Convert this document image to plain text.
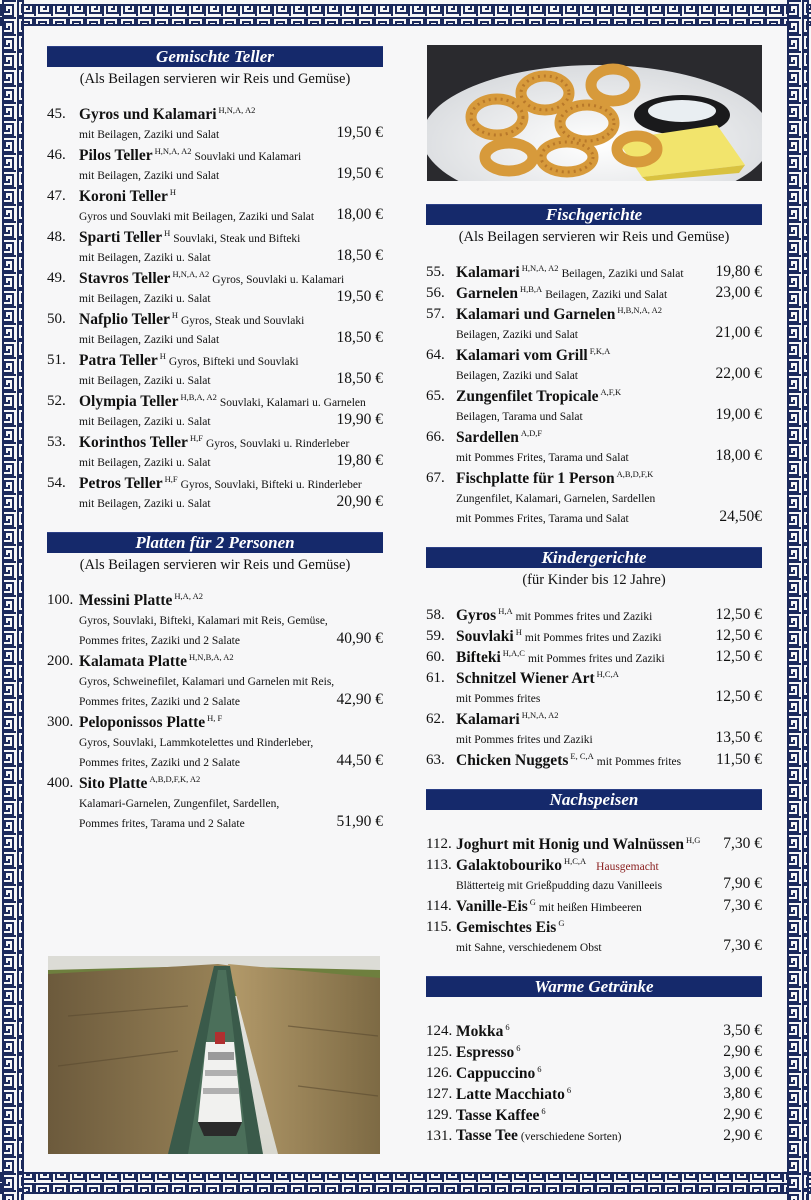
Gemischte Teller
(Als Beilagen servieren wir Reis und Gemüse)
45. Gyros und Kalamari $^{H,N,A, A2}$
mit Beilagen, Zaziki und Salat	19,50 €
46. Pilos Teller $^{H,N,A, A2}$ Souvlaki und Kalamari
mit Beilagen, Zaziki und Salat	19,50 €
47. Koroni Teller $^H$
Gyros und Souvlaki mit Beilagen, Zaziki und Salat 18,00 €
48. Sparti Teller $^H$ Souvlaki, Steak und Bifteki
mit Beilagen, Zaziki u. Salat	18,50 €
49. Stavros Teller $^{H,N,A, A2}$ Gyros, Souvlaki u. Kalamari
mit Beilagen, Zaziki u. Salat	19,50 €
50. Nafplio Teller $^H$ Gyros, Steak und Souvlaki
mit Beilagen, Zaziki und Salat	18,50 €
51. Patra Teller $^H$ Gyros, Bifteki und Souvlaki
mit Beilagen, Zaziki u. Salat	18,50 €
52. Olympia Teller $^{H,B,A, A2}$ Souvlaki, Kalamari u. Garnelen
mit Beilagen, Zaziki u. Salat	19,90 €
53. Korinthos Teller $^{H,F}$ Gyros, Souvlaki u. Rinderleber
mit Beilagen, Zaziki u. Salat	19,80 €
54. Petros Teller $^{H,F}$ Gyros, Souvlaki, Bifteki u. Rinderleber
mit Beilagen, Zaziki u. Salat	20,90 €
Platten für 2 Personen
(Als Beilagen servieren wir Reis und Gemüse)
100. Messini Platte $^{H,A, A2}$
Gyros, Souvlaki, Bifteki, Kalamari mit Reis, Gemüse,
Pommes frites, Zaziki und 2 Salate	40,90 €
200. Kalamata Platte $^{H,N,B,A, A2}$
Gyros, Schweinefilet, Kalamari und Garnelen mit Reis,
Pommes frites, Zaziki und 2 Salate	42,90 €
300. Peloponissos Platte $^{H, F}$
Gyros, Souvlaki, Lammkotelettes und Rinderleber,
Pommes frites, Zaziki und 2 Salate	44,50 €
400. Sito Platte $^{A,B,D,F,K, A2}$
Kalamari-Garnelen, Zungenfilet, Sardellen,
Pommes frites, Tarama und 2 Salate	51,90 €
Fischgerichte
(Als Beilagen servieren wir Reis und Gemüse)
55. Kalamari $^{H,N,A, A2}$ Beilagen, Zaziki und Salat 19,80 €
56. Garnelen $^{H,B,A}$ Beilagen, Zaziki und Salat	23,00 €
57. Kalamari und Garnelen $^{H,B,N,A, A2}$
Beilagen, Zaziki und Salat	21,00 €
64. Kalamari vom Grill $^{F,K,A}$
Beilagen, Zaziki und Salat	22,00 €
65. Zungenfilet Tropicale $^{A,F,K}$
Beilagen, Tarama und Salat	19,00 €
66. Sardellen $^{A,D,F}$
mit Pommes Frites, Tarama und Salat	18,00 €
67. Fischplatte für 1 Person $^{A,B,D,F,K}$
Zungenfilet, Kalamari, Garnelen, Sardellen
mit Pommes Frites, Tarama und Salat	24,50€
Kindergerichte
(für Kinder bis 12 Jahre)
58. Gyros $^{H,A}$ mit Pommes frites und Zaziki	12,50 €
59. Souvlaki $^H$ mit Pommes frites und Zaziki	12,50 €
60. Bifteki $^{H,A,C}$ mit Pommes frites und Zaziki	12,50 €
61. Schnitzel Wiener Art $^{H,C,A}$
mit Pommes frites	12,50 €
62. Kalamari $^{H,N,A, A2}$
mit Pommes frites und Zaziki	13,50 €
63. Chicken Nuggets $^{E, C,A}$ mit Pommes frites 11,50 €
Nachspeisen
112. Joghurt mit Honig und Walnüssen $^{H,G}$ 7,30 €
113. Galaktobouriko $^{H,C,A}$ Hausgemacht
Blätterteig mit Grießpudding dazu Vanilleeis	7,90 €
114. Vanille-Eis $^G$ mit heißen Himbeeren	7,30 €
115. Gemischtes Eis $^G$
mit Sahne, verschiedenem Obst	7,30 €
Warme Getränke
124. Mokka $^6$	3,50 €
125. Espresso $^6$	2,90 €
126. Cappuccino $^6$	3,00 €
127. Latte Macchiato $^6$	3,80 €
129. Tasse Kaffee $^6$	2,90 €
131. Tasse Tee (verschiedene Sorten)	2,90 €
